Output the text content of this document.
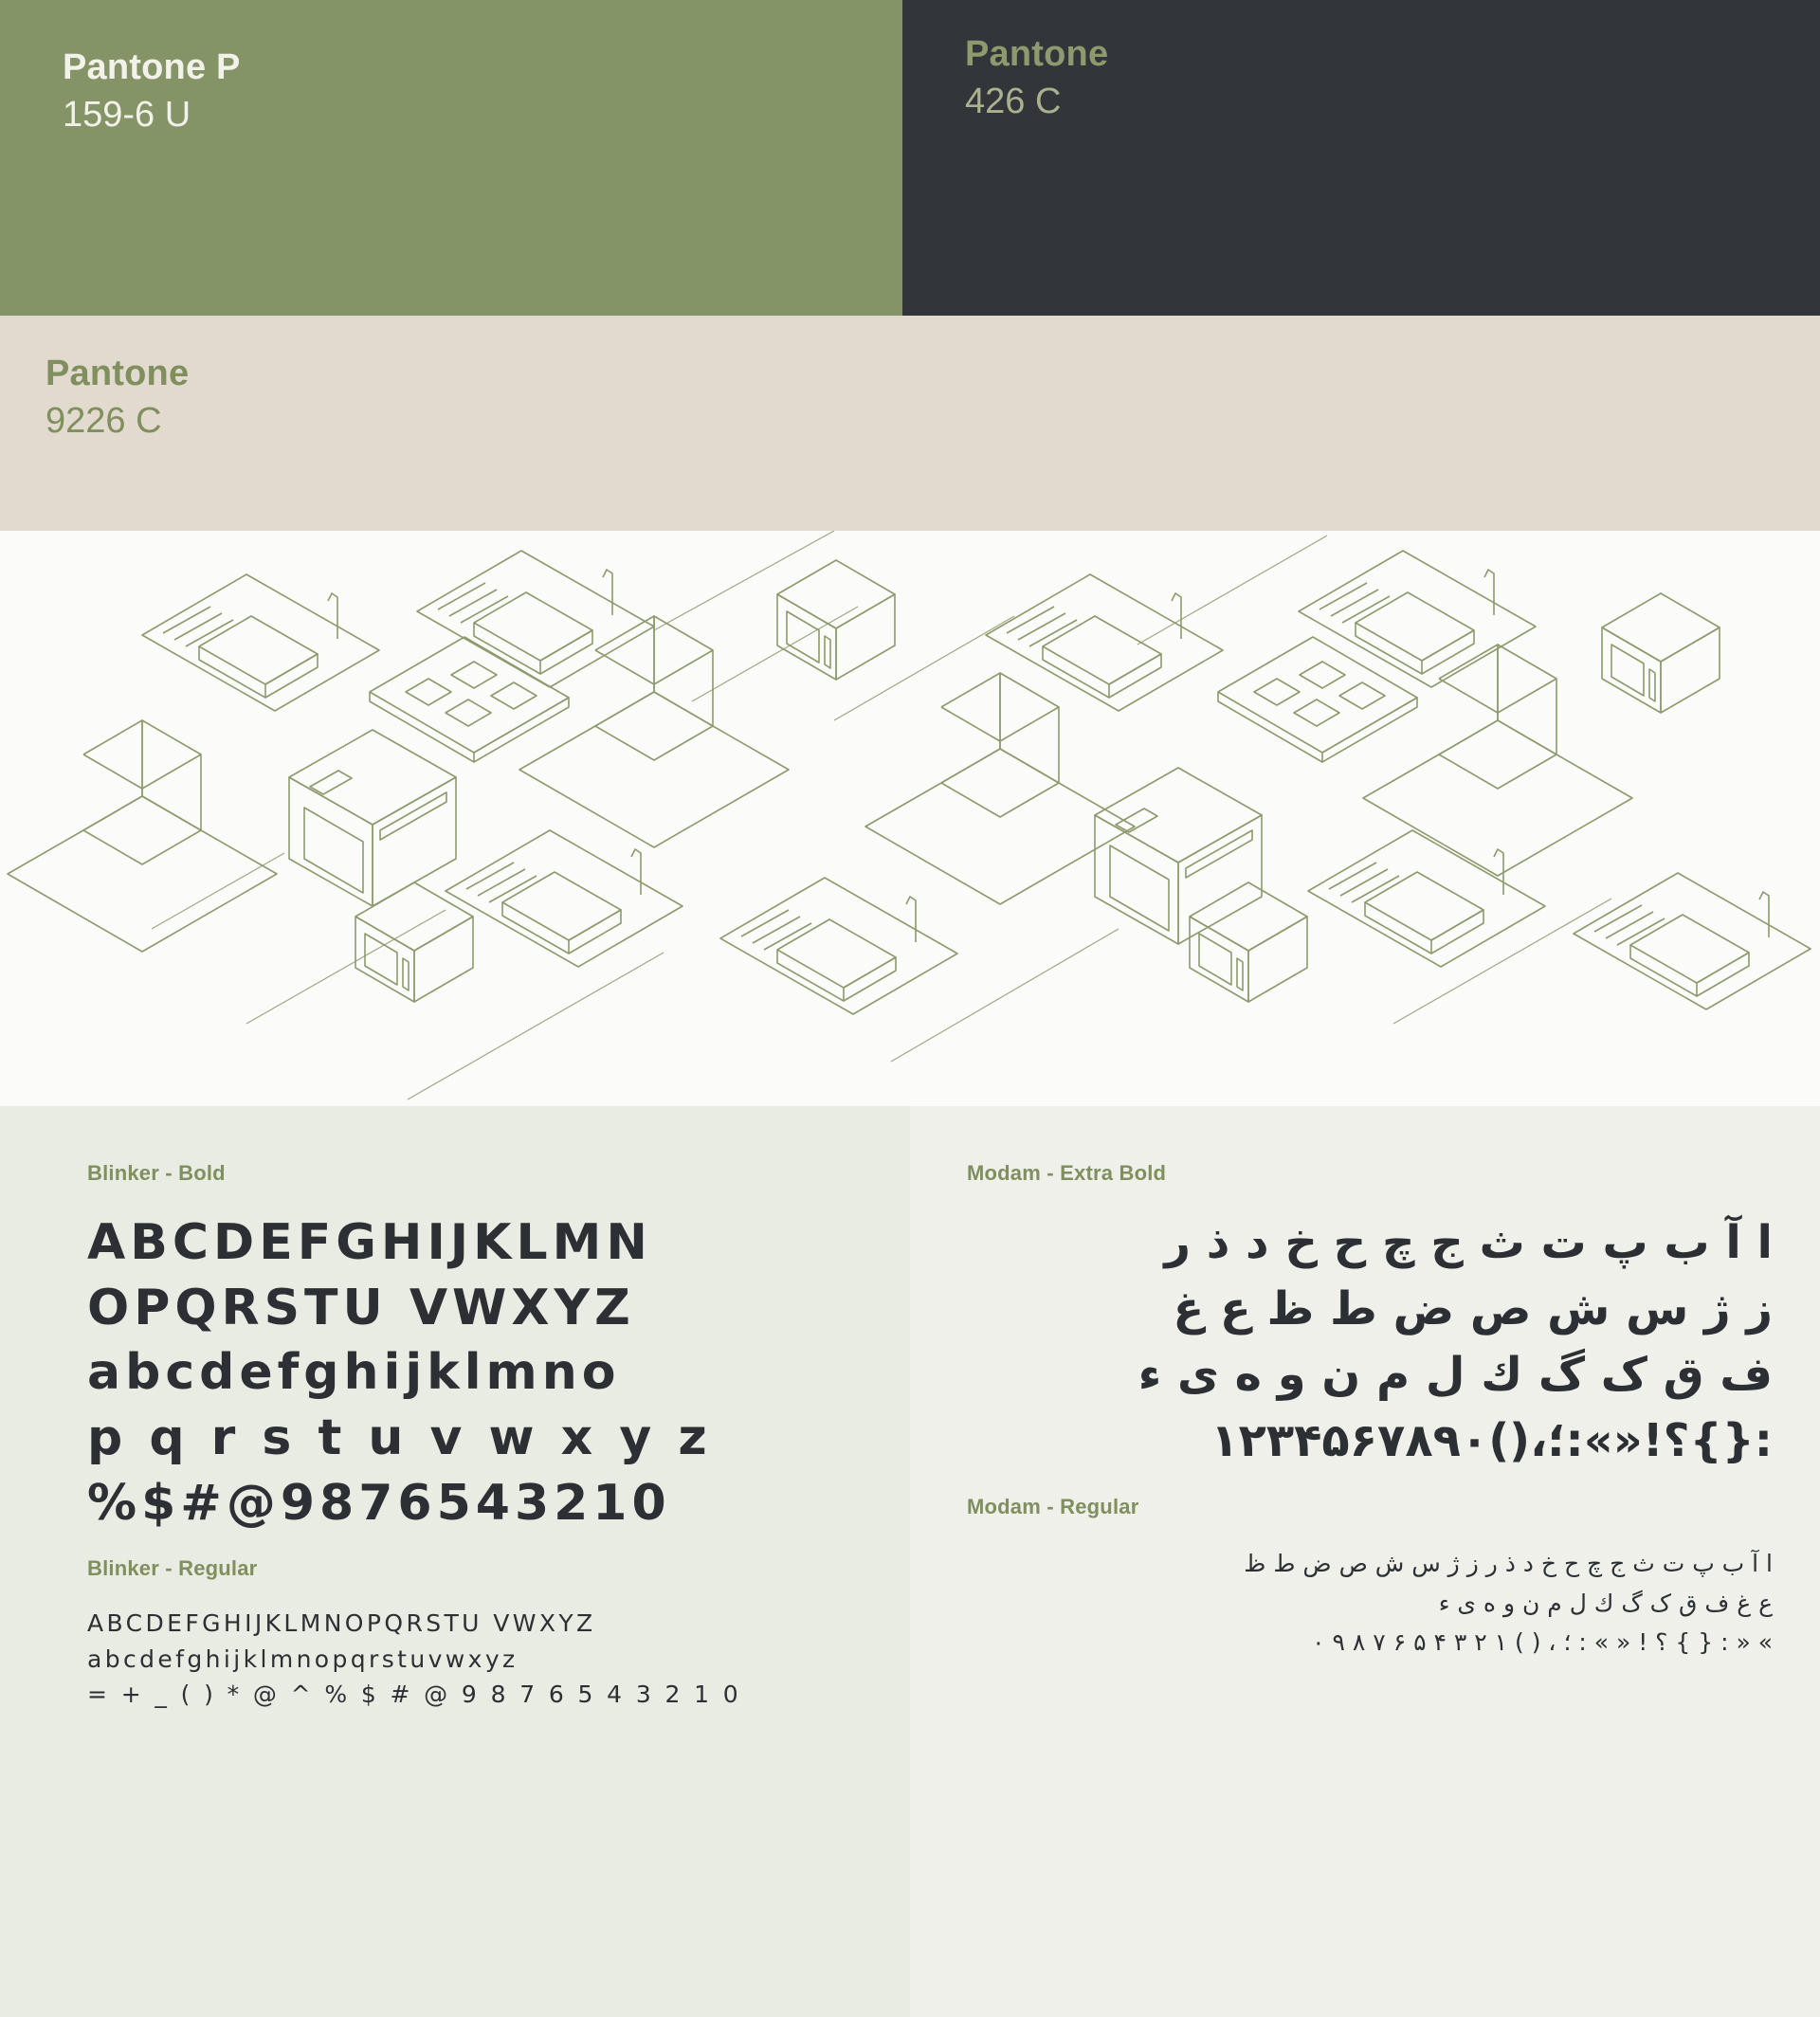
Pantone P
159-6 U
Pantone
426 C
Pantone
9226 C
Blinker - Bold
ABCDEFGHIJKLMN
OPQRSTU VWXYZ
abcdefghijklmno
p q r s t u v w x y z
%$#@9876543210
Blinker - Regular
ABCDEFGHIJKLMNOPQRSTU VWXYZ
abcdefghijklmnopqrstuvwxyz
= + _ ( ) * @ ^ % $ # @ 9 8 7 6 5 4 3 2 1 0
Modam - Extra Bold
ا آ ب پ ت ث ج چ ح خ د ذ ر
ز ژ س ش ص ض ط ظ ع غ
ف ق ک گ ك ل م ن و ه ی ء
:{}؟!«»:؛،()۱۲۳۴۵۶۷۸۹۰
Modam - Regular
ا آ ب پ ت ث ج چ ح خ د ذ ر ز ژ س ش ص ض ط ظ
ع غ ف ق ک گ ك ل م ن و ه ی ء
» « : { } ؟ ! « » : ؛ ، ( ) ۱ ۲ ۳ ۴ ۵ ۶ ۷ ۸ ۹ ۰
